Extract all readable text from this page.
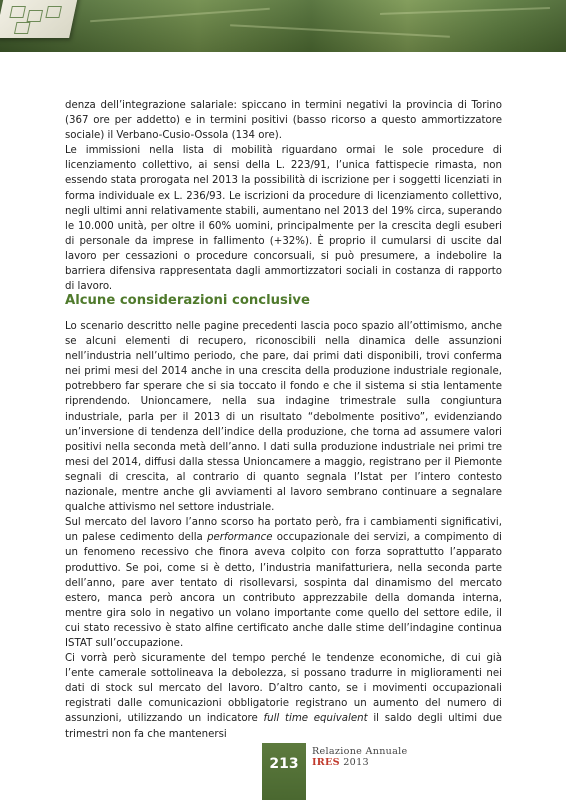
denza dell’integrazione salariale: spiccano in termini negativi la provincia di Torino (367 ore per addetto) e in termini positivi (basso ricorso a questo ammortizzatore sociale) il Verbano-Cusio-Ossola (134 ore).

Le immissioni nella lista di mobilità riguardano ormai le sole procedure di licenziamento collettivo, ai sensi della L. 223/91, l’unica fattispecie rimasta, non essendo stata prorogata nel 2013 la possibilità di iscrizione per i soggetti licenziati in forma individuale ex L. 236/93. Le iscrizioni da procedure di licenziamento collettivo, negli ultimi anni relativamente stabili, aumentano nel 2013 del 19% circa, superando le 10.000 unità, per oltre il 60% uomini, principalmente per la crescita degli esuberi di personale da imprese in fallimento (+32%). È proprio il cumularsi di uscite dal lavoro per cessazioni o procedure concorsuali, si può presumere, a indebolire la barriera difensiva rappresentata dagli ammortizzatori sociali in costanza di rapporto di lavoro.

Alcune considerazioni conclusive

Lo scenario descritto nelle pagine precedenti lascia poco spazio all’ottimismo, anche se alcuni elementi di recupero, riconoscibili nella dinamica delle assunzioni nell’industria nell’ultimo periodo, che pare, dai primi dati disponibili, trovi conferma nei primi mesi del 2014 anche in una crescita della produzione industriale regionale, potrebbero far sperare che si sia toccato il fondo e che il sistema si stia lentamente riprendendo. Unioncamere, nella sua indagine trimestrale sulla congiuntura industriale, parla per il 2013 di un risultato “debolmente positivo”, evidenziando un’inversione di tendenza dell’indice della produzione, che torna ad assumere valori positivi nella seconda metà dell’anno. I dati sulla produzione industriale nei primi tre mesi del 2014, diffusi dalla stessa Unioncamere a maggio, registrano per il Piemonte segnali di crescita, al contrario di quanto segnala l’Istat per l’intero contesto nazionale, mentre anche gli avviamenti al lavoro sembrano continuare a segnalare qualche attivismo nel settore industriale.

Sul mercato del lavoro l’anno scorso ha portato però, fra i cambiamenti significativi, un palese cedimento della performance occupazionale dei servizi, a compimento di un fenomeno recessivo che finora aveva colpito con forza soprattutto l’apparato produttivo. Se poi, come si è detto, l’industria manifatturiera, nella seconda parte dell’anno, pare aver tentato di risollevarsi, sospinta dal dinamismo del mercato estero, manca però ancora un contributo apprezzabile della domanda interna, mentre gira solo in negativo un volano importante come quello del settore edile, il cui stato recessivo è stato alfine certificato anche dalle stime dell’indagine continua ISTAT sull’occupazione.

Ci vorrà però sicuramente del tempo perché le tendenze economiche, di cui già l’ente camerale sottolineava la debolezza, si possano tradurre in miglioramenti nei dati di stock sul mercato del lavoro. D’altro canto, se i movimenti occupazionali registrati dalle comunicazioni obbligatorie registrano un aumento del numero di assunzioni, utilizzando un indicatore full time equivalent il saldo degli ultimi due trimestri non fa che mantenersi

213
Relazione Annuale
IRES 2013
